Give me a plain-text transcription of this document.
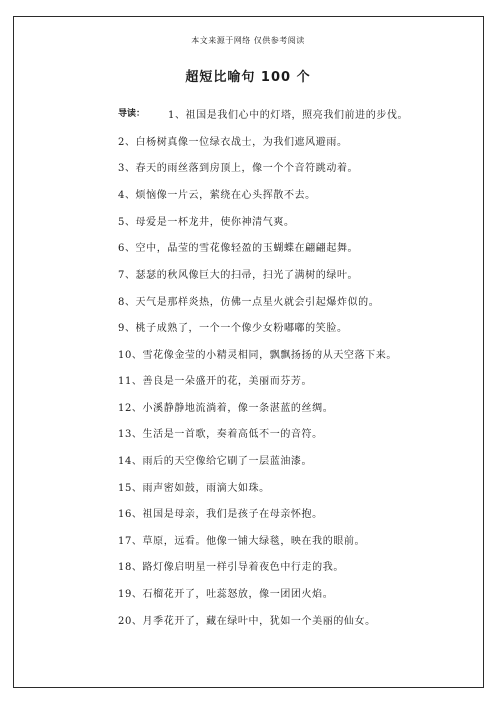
本文来源于网络 仅供参考阅读
超短比喻句 100 个
导读： 1、祖国是我们心中的灯塔，照亮我们前进的步伐。
2、白杨树真像一位绿衣战士，为我们遮风避雨。
3、春天的雨丝落到房顶上，像一个个音符跳动着。
4、烦恼像一片云，萦绕在心头挥散不去。
5、母爱是一杯龙井，使你神清气爽。
6、空中，晶莹的雪花像轻盈的玉蝴蝶在翩翩起舞。
7、瑟瑟的秋风像巨大的扫帚，扫光了满树的绿叶。
8、天气是那样炎热，仿佛一点星火就会引起爆炸似的。
9、桃子成熟了，一个一个像少女粉嘟嘟的笑脸。
10、雪花像金莹的小精灵相同，飘飘扬扬的从天空落下来。
11、善良是一朵盛开的花，美丽而芬芳。
12、小溪静静地流淌着，像一条湛蓝的丝绸。
13、生活是一首歌，奏着高低不一的音符。
14、雨后的天空像给它刷了一层蓝油漆。
15、雨声密如鼓，雨滴大如珠。
16、祖国是母亲，我们是孩子在母亲怀抱。
17、草原，远看。他像一铺大绿毯，映在我的眼前。
18、路灯像启明星一样引导着夜色中行走的我。
19、石榴花开了，吐蕊怒放，像一团团火焰。
20、月季花开了，藏在绿叶中，犹如一个美丽的仙女。
